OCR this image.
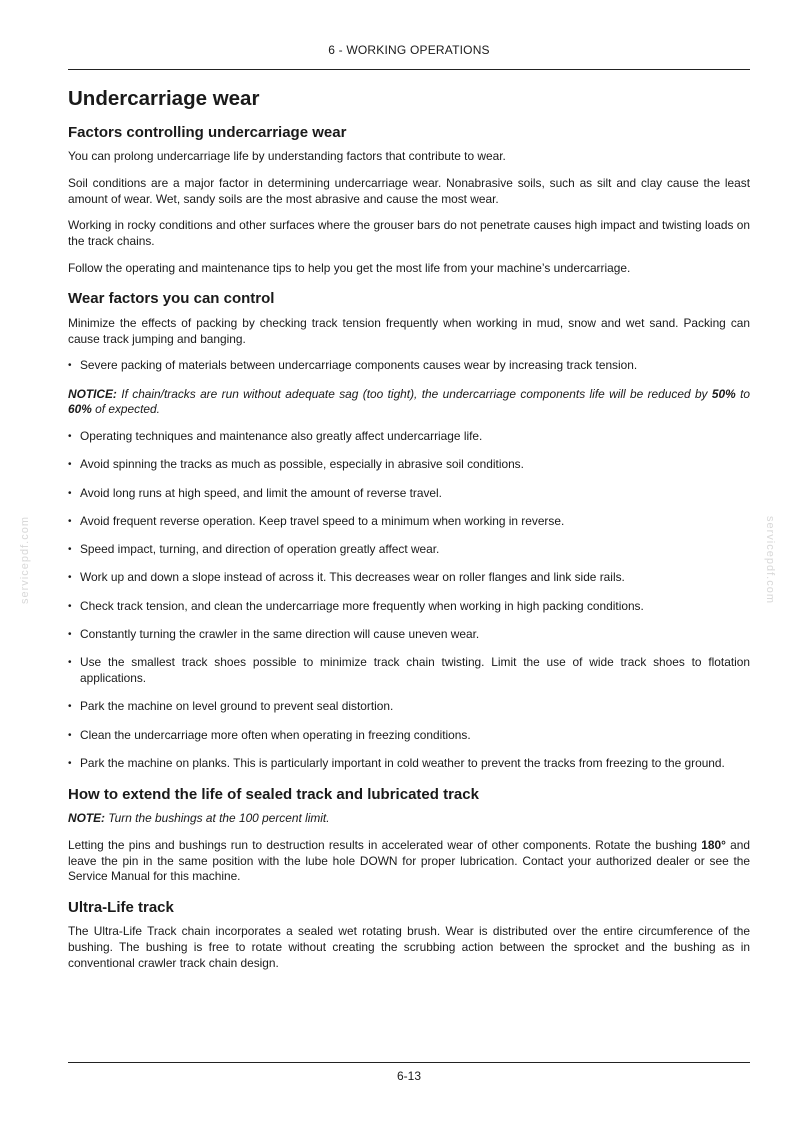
6 - WORKING OPERATIONS
servicepdf.com	servicepdf.com
Undercarriage wear
Factors controlling undercarriage wear

You can prolong undercarriage life by understanding factors that contribute to wear.

Soil conditions are a major factor in determining undercarriage wear. Nonabrasive soils, such as silt and clay cause the least amount of wear. Wet, sandy soils are the most abrasive and cause the most wear.

Working in rocky conditions and other surfaces where the grouser bars do not penetrate causes high impact and twisting loads on the track chains.

Follow the operating and maintenance tips to help you get the most life from your machine’s undercarriage.

Wear factors you can control

Minimize the effects of packing by checking track tension frequently when working in mud, snow and wet sand. Packing can cause track jumping and banging.

• Severe packing of materials between undercarriage components causes wear by increasing track tension.

NOTICE: If chain/tracks are run without adequate sag (too tight), the undercarriage components life will be reduced by 50% to 60% of expected.

• Operating techniques and maintenance also greatly affect undercarriage life.
• Avoid spinning the tracks as much as possible, especially in abrasive soil conditions.
• Avoid long runs at high speed, and limit the amount of reverse travel.
• Avoid frequent reverse operation. Keep travel speed to a minimum when working in reverse.
• Speed impact, turning, and direction of operation greatly affect wear.
• Work up and down a slope instead of across it. This decreases wear on roller flanges and link side rails.
• Check track tension, and clean the undercarriage more frequently when working in high packing conditions.
• Constantly turning the crawler in the same direction will cause uneven wear.
• Use the smallest track shoes possible to minimize track chain twisting. Limit the use of wide track shoes to flotation applications.
• Park the machine on level ground to prevent seal distortion.
• Clean the undercarriage more often when operating in freezing conditions.
• Park the machine on planks. This is particularly important in cold weather to prevent the tracks from freezing to the ground.
How to extend the life of sealed track and lubricated track

NOTE: Turn the bushings at the 100 percent limit.

Letting the pins and bushings run to destruction results in accelerated wear of other components. Rotate the bushing 180° and leave the pin in the same position with the lube hole DOWN for proper lubrication. Contact your authorized dealer or see the Service Manual for this machine.

Ultra-Life track

The Ultra-Life Track chain incorporates a sealed wet rotating brush. Wear is distributed over the entire circumference of the bushing. The bushing is free to rotate without creating the scrubbing action between the sprocket and the bushing as in conventional crawler track chain design.

6-13
